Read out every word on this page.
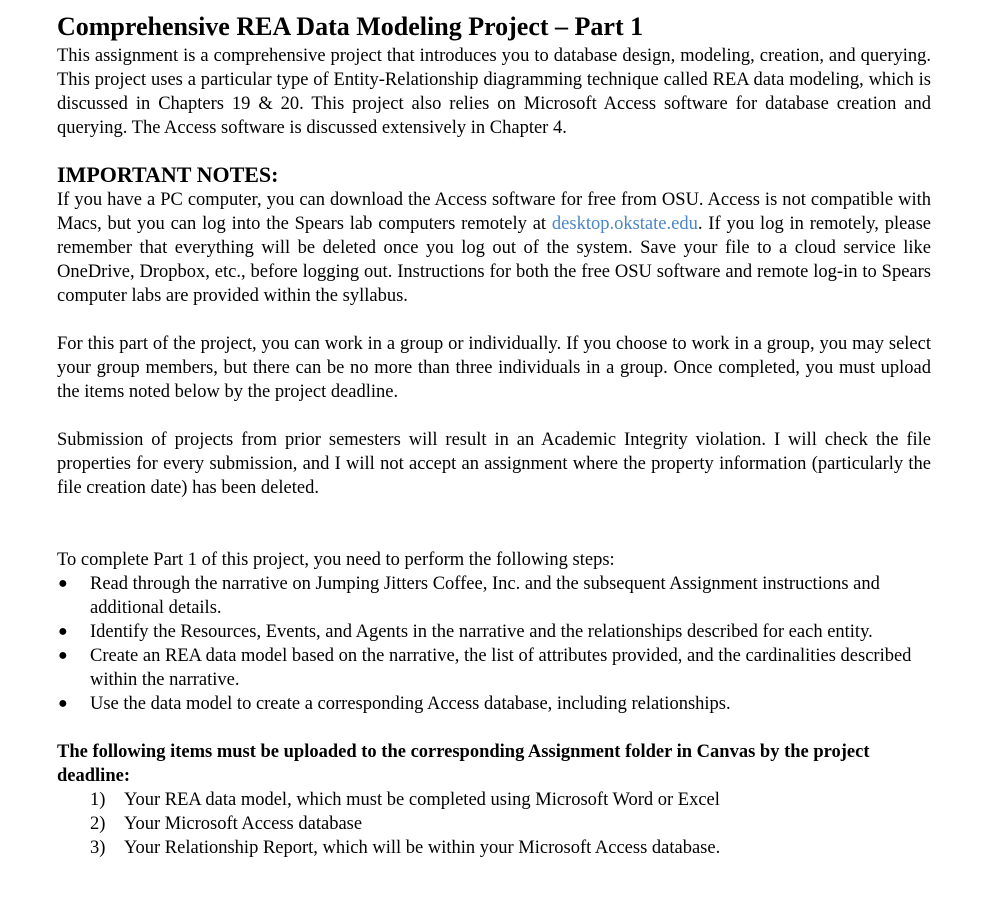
Comprehensive REA Data Modeling Project – Part 1

This assignment is a comprehensive project that introduces you to database design, modeling, creation, and querying. This project uses a particular type of Entity-Relationship diagramming technique called REA data modeling, which is discussed in Chapters 19 & 20. This project also relies on Microsoft Access software for database creation and querying. The Access software is discussed extensively in Chapter 4.

IMPORTANT NOTES:

If you have a PC computer, you can download the Access software for free from OSU. Access is not compatible with Macs, but you can log into the Spears lab computers remotely at desktop.okstate.edu. If you log in remotely, please remember that everything will be deleted once you log out of the system. Save your file to a cloud service like OneDrive, Dropbox, etc., before logging out. Instructions for both the free OSU software and remote log-in to Spears computer labs are provided within the syllabus.

For this part of the project, you can work in a group or individually. If you choose to work in a group, you may select your group members, but there can be no more than three individuals in a group. Once completed, you must upload the items noted below by the project deadline.

Submission of projects from prior semesters will result in an Academic Integrity violation. I will check the file properties for every submission, and I will not accept an assignment where the property information (particularly the file creation date) has been deleted.

To complete Part 1 of this project, you need to perform the following steps:

● Read through the narrative on Jumping Jitters Coffee, Inc. and the subsequent Assignment instructions and additional details.
● Identify the Resources, Events, and Agents in the narrative and the relationships described for each entity.
● Create an REA data model based on the narrative, the list of attributes provided, and the cardinalities described within the narrative.
● Use the data model to create a corresponding Access database, including relationships.
The following items must be uploaded to the corresponding Assignment folder in Canvas by the project deadline:
1) Your REA data model, which must be completed using Microsoft Word or Excel
2) Your Microsoft Access database
3) Your Relationship Report, which will be within your Microsoft Access database.
